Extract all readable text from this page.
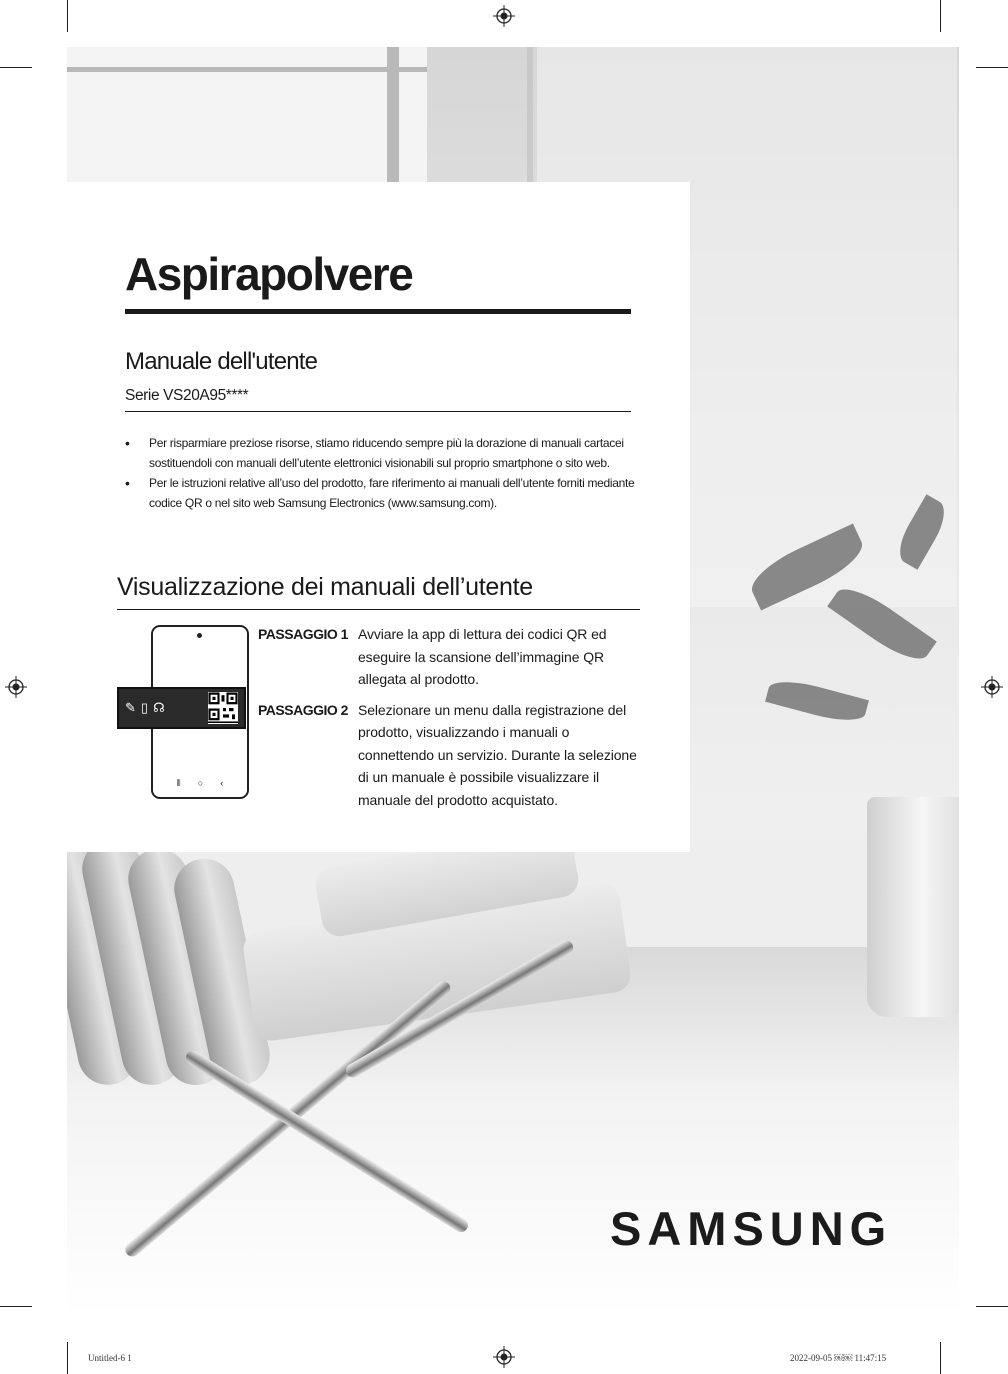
Aspirapolvere
Manuale dell'utente
Serie VS20A95****
• Per risparmiare preziose risorse, stiamo riducendo sempre più la dorazione di manuali cartacei sostituendoli con manuali dell’utente elettronici visionabili sul proprio smartphone o sito web.
• Per le istruzioni relative all’uso del prodotto, fare riferimento ai manuali dell’utente forniti mediante codice QR o nel sito web Samsung Electronics (www.samsung.com).
Visualizzazione dei manuali dell’utente
⦀ ○ ‹
✎ ▯ ☊
PASSAGGIO 1 Avviare la app di lettura dei codici QR ed eseguire la scansione dell’immagine QR allegata al prodotto.
PASSAGGIO 2 Selezionare un menu dalla registrazione del prodotto, visualizzando i manuali o connettendo un servizio. Durante la selezione di un manuale è possibile visualizzare il manuale del prodotto acquistato.
SAMSUNG
Untitled-6 1	2022-09-05 ￼￼ 11:47:15
